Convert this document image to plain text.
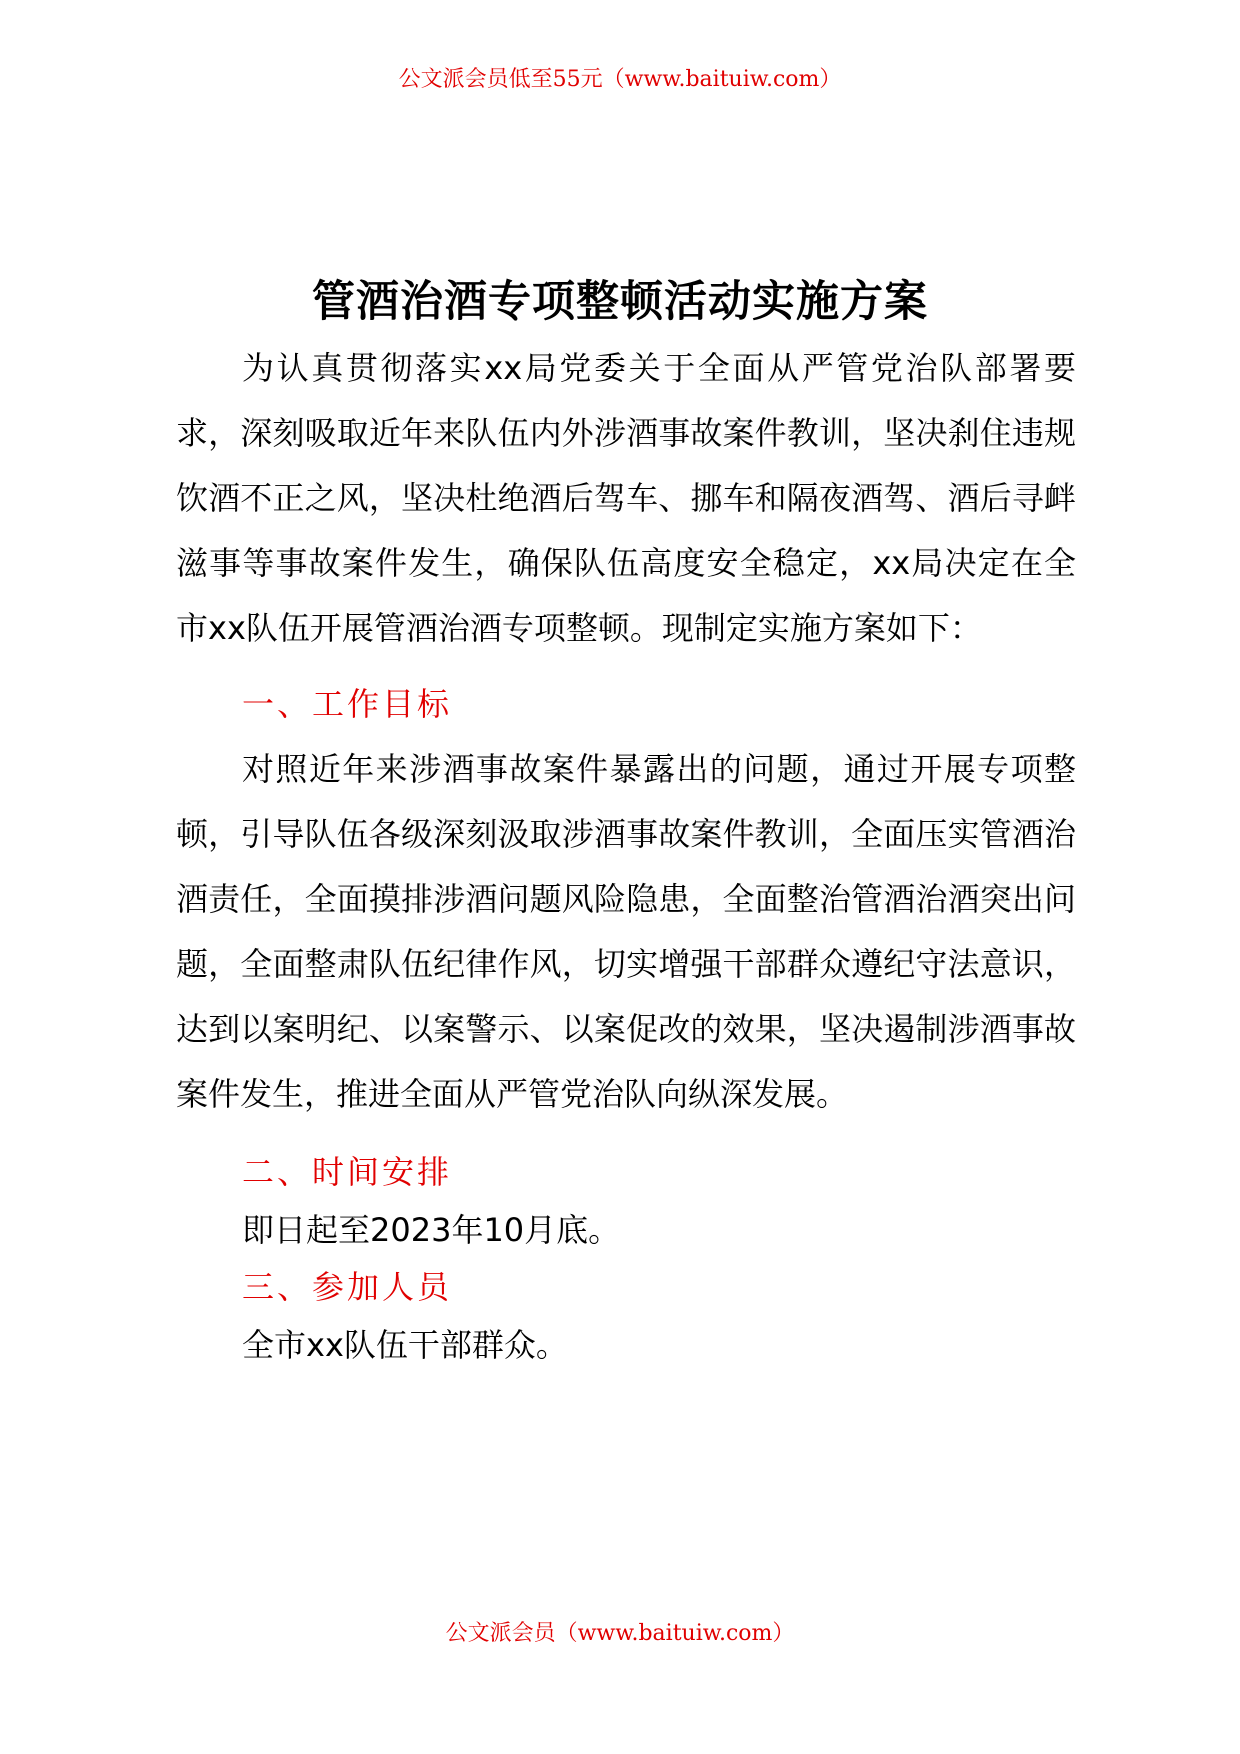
公文派会员低至55元（www.baituiw.com）
管酒治酒专项整顿活动实施方案

为认真贯彻落实xx局党委关于全面从严管党治队部署要求，深刻吸取近年来队伍内外涉酒事故案件教训，坚决刹住违规饮酒不正之风，坚决杜绝酒后驾车、挪车和隔夜酒驾、酒后寻衅滋事等事故案件发生，确保队伍高度安全稳定，xx局决定在全市xx队伍开展管酒治酒专项整顿。现制定实施方案如下：

一、工作目标

对照近年来涉酒事故案件暴露出的问题，通过开展专项整顿，引导队伍各级深刻汲取涉酒事故案件教训，全面压实管酒治酒责任，全面摸排涉酒问题风险隐患，全面整治管酒治酒突出问题，全面整肃队伍纪律作风，切实增强干部群众遵纪守法意识，达到以案明纪、以案警示、以案促改的效果，坚决遏制涉酒事故案件发生，推进全面从严管党治队向纵深发展。

二、时间安排

即日起至2023年10月底。

三、参加人员

全市xx队伍干部群众。

公文派会员（www.baituiw.com）
